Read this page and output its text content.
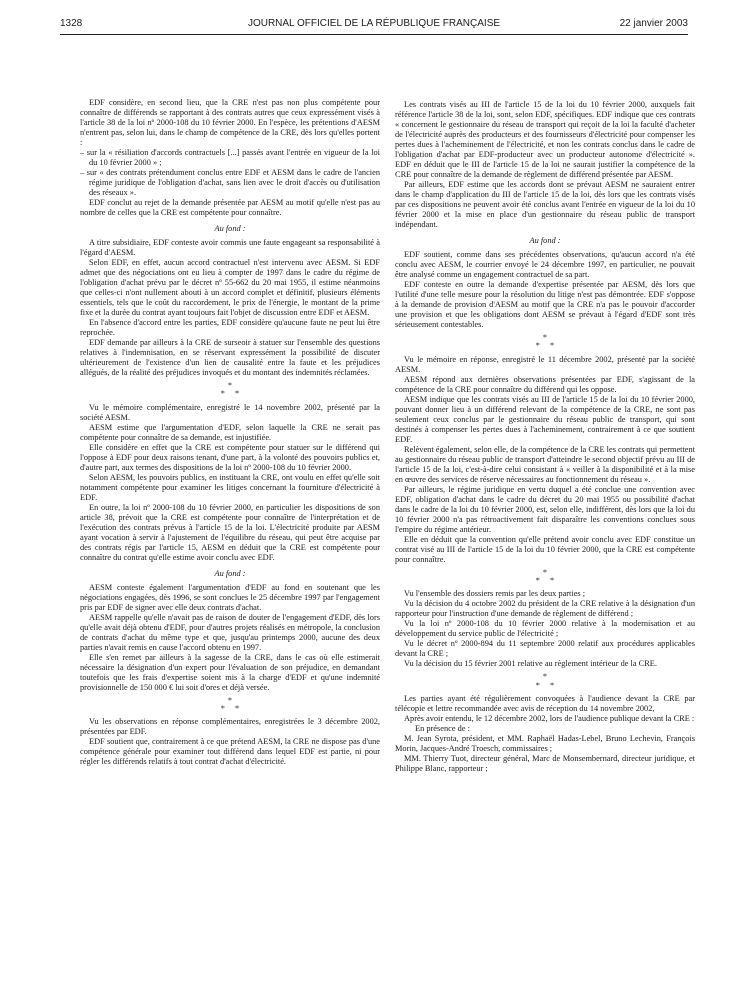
1328	JOURNAL OFFICIEL DE LA RÉPUBLIQUE FRANÇAISE	22 janvier 2003

EDF considère, en second lieu, que la CRE n'est pas non plus compétente pour connaître de différends se rapportant à des contrats autres que ceux expressément visés à l'article 38 de la loi nº 2000-108 du 10 février 2000. En l'espèce, les prétentions d'AESM n'entrent pas, selon lui, dans le champ de compétence de la CRE, dès lors qu'elles portent :

– sur la « résiliation d'accords contractuels [...] passés avant l'entrée en vigueur de la loi du 10 février 2000 » ;

– sur « des contrats prétendument conclus entre EDF et AESM dans le cadre de l'ancien régime juridique de l'obligation d'achat, sans lien avec le droit d'accès ou d'utilisation des réseaux ».

EDF conclut au rejet de la demande présentée par AESM au motif qu'elle n'est pas au nombre de celles que la CRE est compétente pour connaître.

Au fond :

A titre subsidiaire, EDF conteste avoir commis une faute engageant sa responsabilité à l'égard d'AESM.

Selon EDF, en effet, aucun accord contractuel n'est intervenu avec AESM. Si EDF admet que des négociations ont eu lieu à compter de 1997 dans le cadre du régime de l'obligation d'achat prévu par le décret nº 55-662 du 20 mai 1955, il estime néanmoins que celles-ci n'ont nullement abouti à un accord complet et définitif, plusieurs éléments essentiels, tels que le coût du raccordement, le prix de l'énergie, le montant de la prime fixe et la durée du contrat ayant toujours fait l'objet de discussion entre EDF et AESM.

En l'absence d'accord entre les parties, EDF considère qu'aucune faute ne peut lui être reprochée.

EDF demande par ailleurs à la CRE de surseoir à statuer sur l'ensemble des questions relatives à l'indemnisation, en se réservant expressément la possibilité de discuter ultérieurement de l'existence d'un lien de causalité entre la faute et les préjudices allégués, de la réalité des préjudices invoqués et du montant des indemnités réclamées.

*

* *

Vu le mémoire complémentaire, enregistré le 14 novembre 2002, présenté par la société AESM.

AESM estime que l'argumentation d'EDF, selon laquelle la CRE ne serait pas compétente pour connaître de sa demande, est injustifiée.

Elle considère en effet que la CRE est compétente pour statuer sur le différend qui l'oppose à EDF pour deux raisons tenant, d'une part, à la volonté des pouvoirs publics et, d'autre part, aux termes des dispositions de la loi nº 2000-108 du 10 février 2000.

Selon AESM, les pouvoirs publics, en instituant la CRE, ont voulu en effet qu'elle soit notamment compétente pour examiner les litiges concernant la fourniture d'électricité à EDF.

En outre, la loi nº 2000-108 du 10 février 2000, en particulier les dispositions de son article 38, prévoit que la CRE est compétente pour connaître de l'interprétation et de l'exécution des contrats prévus à l'article 15 de la loi. L'électricité produite par AESM ayant vocation à servir à l'ajustement de l'équilibre du réseau, qui peut être acquise par des contrats régis par l'article 15, AESM en déduit que la CRE est compétente pour connaître du contrat qu'elle estime avoir conclu avec EDF.

Au fond :

AESM conteste également l'argumentation d'EDF au fond en soutenant que les négociations engagées, dès 1996, se sont conclues le 25 décembre 1997 par l'engagement pris par EDF de signer avec elle deux contrats d'achat.

AESM rappelle qu'elle n'avait pas de raison de douter de l'engagement d'EDF, dès lors qu'elle avait déjà obtenu d'EDF, pour d'autres projets réalisés en métropole, la conclusion de contrats d'achat du même type et que, jusqu'au printemps 2000, aucune des deux parties n'avait remis en cause l'accord obtenu en 1997.

Elle s'en remet par ailleurs à la sagesse de la CRE, dans le cas où elle estimerait nécessaire la désignation d'un expert pour l'évaluation de son préjudice, en demandant toutefois que les frais d'expertise soient mis à la charge d'EDF et qu'une indemnité provisionnelle de 150 000 € lui soit d'ores et déjà versée.

*

* *

Vu les observations en réponse complémentaires, enregistrées le 3 décembre 2002, présentées par EDF.

EDF soutient que, contrairement à ce que prétend AESM, la CRE ne dispose pas d'une compétence générale pour examiner tout différend dans lequel EDF est partie, ni pour régler les différends relatifs à tout contrat d'achat d'électricité.

Les contrats visés au III de l'article 15 de la loi du 10 février 2000, auxquels fait référence l'article 38 de la loi, sont, selon EDF, spécifiques. EDF indique que ces contrats « concernent le gestionnaire du réseau de transport qui reçoit de la loi la faculté d'acheter de l'électricité auprès des producteurs et des fournisseurs d'électricité pour compenser les pertes dues à l'acheminement de l'électricité, et non les contrats conclus dans le cadre de l'obligation d'achat par EDF-producteur avec un producteur autonome d'électricité ». EDF en déduit que le III de l'article 15 de la loi ne saurait justifier la compétence de la CRE pour connaître de la demande de règlement de différend présentée par AESM.

Par ailleurs, EDF estime que les accords dont se prévaut AESM ne sauraient entrer dans le champ d'application du III de l'article 15 de la loi, dès lors que les contrats visés par ces dispositions ne peuvent avoir été conclus avant l'entrée en vigueur de la loi du 10 février 2000 et la mise en place d'un gestionnaire du réseau public de transport indépendant.

Au fond :

EDF soutient, comme dans ses précédentes observations, qu'aucun accord n'a été conclu avec AESM, le courrier envoyé le 24 décembre 1997, en particulier, ne pouvait être analysé comme un engagement contractuel de sa part.

EDF conteste en outre la demande d'expertise présentée par AESM, dès lors que l'utilité d'une telle mesure pour la résolution du litige n'est pas démontrée. EDF s'oppose à la demande de provision d'AESM au motif que la CRE n'a pas le pouvoir d'accorder une provision et que les obligations dont AESM se prévaut à l'égard d'EDF sont très sérieusement contestables.

*

* *

Vu le mémoire en réponse, enregistré le 11 décembre 2002, présenté par la société AESM.

AESM répond aux dernières observations présentées par EDF, s'agissant de la compétence de la CRE pour connaître du différend qui les oppose.

AESM indique que les contrats visés au III de l'article 15 de la loi du 10 février 2000, pouvant donner lieu à un différend relevant de la compétence de la CRE, ne sont pas seulement ceux conclus par le gestionnaire du réseau public de transport, qui sont destinés à compenser les pertes dues à l'acheminement, contrairement à ce que soutient EDF.

Relèvent également, selon elle, de la compétence de la CRE les contrats qui permettent au gestionnaire du réseau public de transport d'atteindre le second objectif prévu au III de l'article 15 de la loi, c'est-à-dire celui consistant à « veiller à la disponibilité et à la mise en œuvre des services de réserve nécessaires au fonctionnement du réseau ».

Par ailleurs, le régime juridique en vertu duquel a été conclue une convention avec EDF, obligation d'achat dans le cadre du décret du 20 mai 1955 ou possibilité d'achat dans le cadre de la loi du 10 février 2000, est, selon elle, indifférent, dès lors que la loi du 10 février 2000 n'a pas rétroactivement fait disparaître les conventions conclues sous l'empire du régime antérieur.

Elle en déduit que la convention qu'elle prétend avoir conclu avec EDF constitue un contrat visé au III de l'article 15 de la loi du 10 février 2000, que la CRE est compétente pour connaître.

*

* *

Vu l'ensemble des dossiers remis par les deux parties ;

Vu la décision du 4 octobre 2002 du président de la CRE relative à la désignation d'un rapporteur pour l'instruction d'une demande de règlement de différend ;

Vu la loi nº 2000-108 du 10 février 2000 relative à la modernisation et au développement du service public de l'électricité ;

Vu le décret nº 2000-894 du 11 septembre 2000 relatif aux procédures applicables devant la CRE ;

Vu la décision du 15 février 2001 relative au règlement intérieur de la CRE.

*

* *

Les parties ayant été régulièrement convoquées à l'audience devant la CRE par télécopie et lettre recommandée avec avis de réception du 14 novembre 2002,

Après avoir entendu, le 12 décembre 2002, lors de l'audience publique devant la CRE :

En présence de :

M. Jean Syrota, président, et MM. Raphaël Hadas-Lebel, Bruno Lechevin, François Morin, Jacques-André Troesch, commissaires ;

MM. Thierry Tuot, directeur général, Marc de Monsembernard, directeur juridique, et Philippe Blanc, rapporteur ;
